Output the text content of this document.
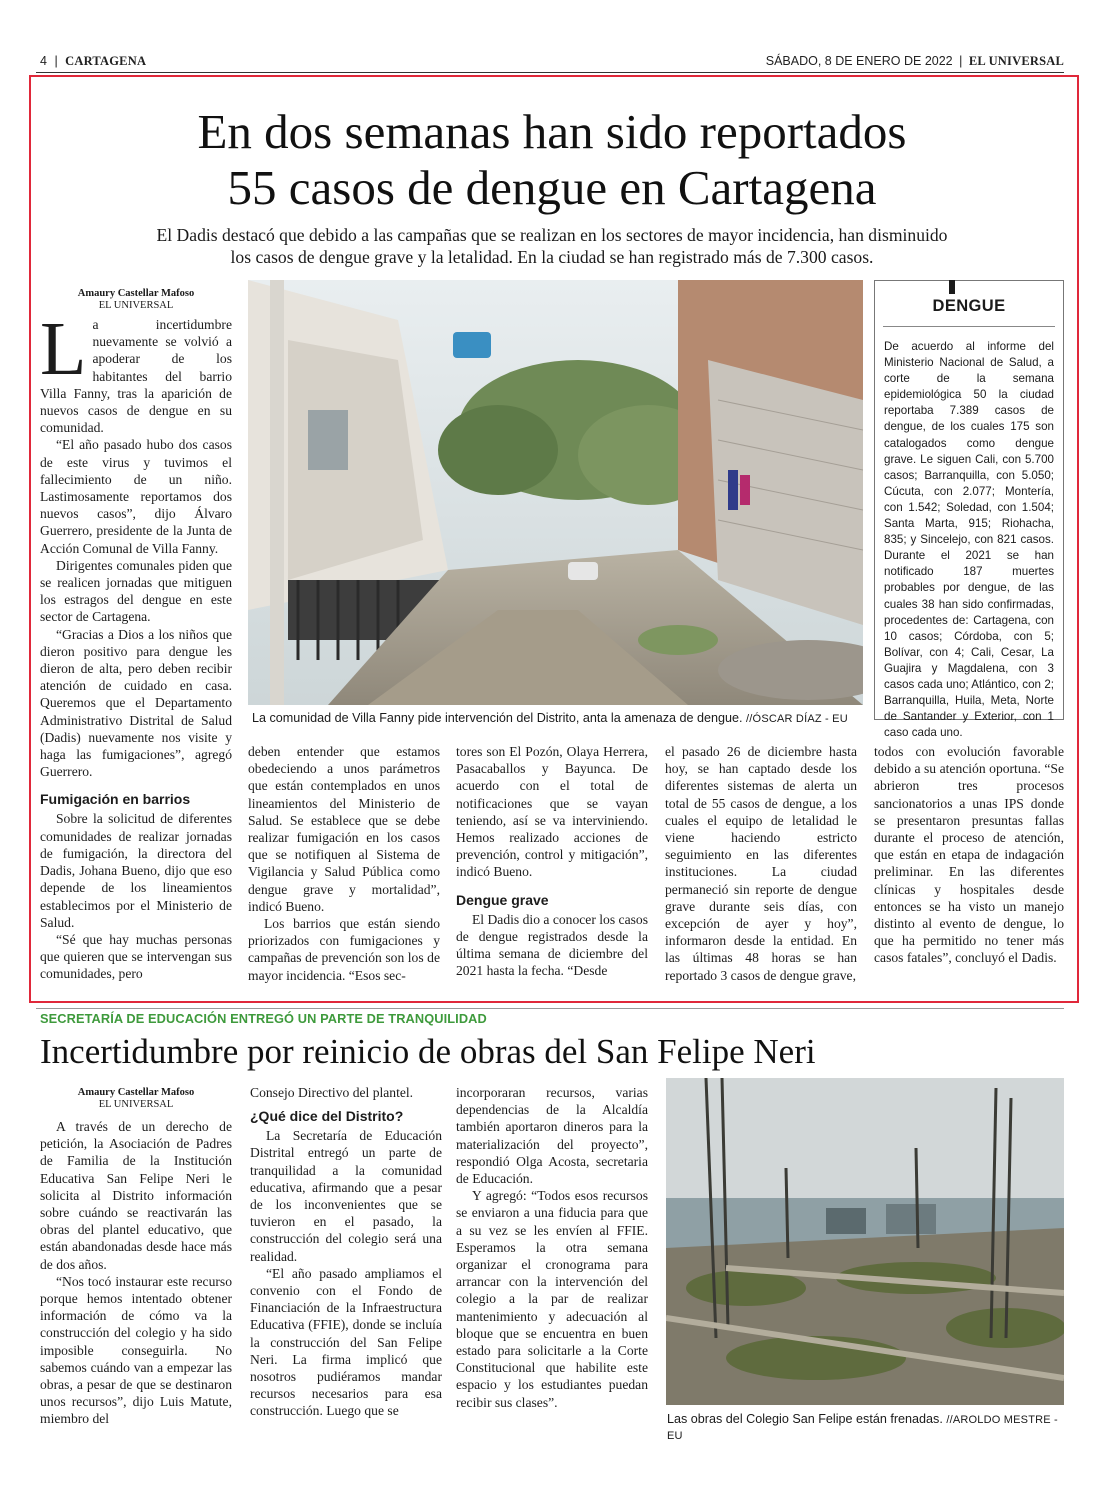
4 | CARTAGENA	SÁBADO, 8 DE ENERO DE 2022 | EL UNIVERSAL
En dos semanas han sido reportados
55 casos de dengue en Cartagena
El Dadis destacó que debido a las campañas que se realizan en los sectores de mayor incidencia, han disminuido
los casos de dengue grave y la letalidad. En la ciudad se han registrado más de 7.300 casos.
Amaury Castellar Mafoso
EL UNIVERSAL

La incertidumbre nuevamente se volvió a apoderar de los habitantes del barrio Villa Fanny, tras la aparición de nuevos casos de dengue en su comunidad.

“El año pasado hubo dos casos de este virus y tuvimos el fallecimiento de un niño. Lastimosamente reportamos dos nuevos casos”, dijo Álvaro Guerrero, presidente de la Junta de Acción Comunal de Villa Fanny.

Dirigentes comunales piden que se realicen jornadas que mitiguen los estragos del dengue en este sector de Cartagena.

“Gracias a Dios a los niños que dieron positivo para dengue les dieron de alta, pero deben recibir atención de cuidado en casa. Queremos que el Departamento Administrativo Distrital de Salud (Dadis) nuevamente nos visite y haga las fumigaciones”, agregó Guerrero.

Fumigación en barrios

Sobre la solicitud de diferentes comunidades de realizar jornadas de fumigación, la directora del Dadis, Johana Bueno, dijo que eso depende de los lineamientos establecimos por el Ministerio de Salud.

“Sé que hay muchas personas que quieren que se intervengan sus comunidades, pero

La comunidad de Villa Fanny pide intervención del Distrito, anta la amenaza de dengue. //ÓSCAR DÍAZ - EU
DENGUE
De acuerdo al informe del Ministerio Nacional de Salud, a corte de la semana epidemiológica 50 la ciudad reportaba 7.389 casos de dengue, de los cuales 175 son catalogados como dengue grave. Le siguen Cali, con 5.700 casos; Barranquilla, con 5.050; Cúcuta, con 2.077; Montería, con 1.542; Soledad, con 1.504; Santa Marta, 915; Riohacha, 835; y Sincelejo, con 821 casos. Durante el 2021 se han notificado 187 muertes probables por dengue, de las cuales 38 han sido confirmadas, procedentes de: Cartagena, con 10 casos; Córdoba, con 5; Bolívar, con 4; Cali, Cesar, La Guajira y Magdalena, con 3 casos cada uno; Atlántico, con 2; Barranquilla, Huila, Meta, Norte de Santander y Exterior, con 1 caso cada uno.

deben entender que estamos obedeciendo a unos parámetros que están contemplados en unos lineamientos del Ministerio de Salud. Se establece que se debe realizar fumigación en los casos que se notifiquen al Sistema de Vigilancia y Salud Pública como dengue grave y mortalidad”, indicó Bueno.

Los barrios que están siendo priorizados con fumigaciones y campañas de prevención son los de mayor incidencia. “Esos sec-

tores son El Pozón, Olaya Herrera, Pasacaballos y Bayunca. De acuerdo con el total de notificaciones que se vayan teniendo, así se va interviniendo. Hemos realizado acciones de prevención, control y mitigación”, indicó Bueno.

Dengue grave

El Dadis dio a conocer los casos de dengue registrados desde la última semana de diciembre del 2021 hasta la fecha. “Desde

el pasado 26 de diciembre hasta hoy, se han captado desde los diferentes sistemas de alerta un total de 55 casos de dengue, a los cuales el equipo de letalidad le viene haciendo estricto seguimiento en las diferentes instituciones. La ciudad permaneció sin reporte de dengue grave durante seis días, con excepción de ayer y hoy”, informaron desde la entidad. En las últimas 48 horas se han reportado 3 casos de dengue grave,

todos con evolución favorable debido a su atención oportuna. “Se abrieron tres procesos sancionatorios a unas IPS donde se presentaron presuntas fallas durante el proceso de atención, que están en etapa de indagación preliminar. En las diferentes clínicas y hospitales desde entonces se ha visto un manejo distinto al evento de dengue, lo que ha permitido no tener más casos fatales”, concluyó el Dadis.

SECRETARÍA DE EDUCACIÓN ENTREGÓ UN PARTE DE TRANQUILIDAD
Incertidumbre por reinicio de obras del San Felipe Neri
Amaury Castellar Mafoso
EL UNIVERSAL

A través de un derecho de petición, la Asociación de Padres de Familia de la Institución Educativa San Felipe Neri le solicita al Distrito información sobre cuándo se reactivarán las obras del plantel educativo, que están abandonadas desde hace más de dos años.

“Nos tocó instaurar este recurso porque hemos intentado obtener información de cómo va la construcción del colegio y ha sido imposible conseguirla. No sabemos cuándo van a empezar las obras, a pesar de que se destinaron unos recursos”, dijo Luis Matute, miembro del

Consejo Directivo del plantel.

¿Qué dice del Distrito?

La Secretaría de Educación Distrital entregó un parte de tranquilidad a la comunidad educativa, afirmando que a pesar de los inconvenientes que se tuvieron en el pasado, la construcción del colegio será una realidad.

“El año pasado ampliamos el convenio con el Fondo de Financiación de la Infraestructura Educativa (FFIE), donde se incluía la construcción del San Felipe Neri. La firma implicó que nosotros pudiéramos mandar recursos necesarios para esa construcción. Luego que se

incorporaran recursos, varias dependencias de la Alcaldía también aportaron dineros para la materialización del proyecto”, respondió Olga Acosta, secretaria de Educación.

Y agregó: “Todos esos recursos se enviaron a una fiducia para que a su vez se les envíen al FFIE. Esperamos la otra semana organizar el cronograma para arrancar con la intervención del colegio a la par de realizar mantenimiento y adecuación al bloque que se encuentra en buen estado para solicitarle a la Corte Constitucional que habilite este espacio y los estudiantes puedan recibir sus clases”.

Las obras del Colegio San Felipe están frenadas. //AROLDO MESTRE - EU
